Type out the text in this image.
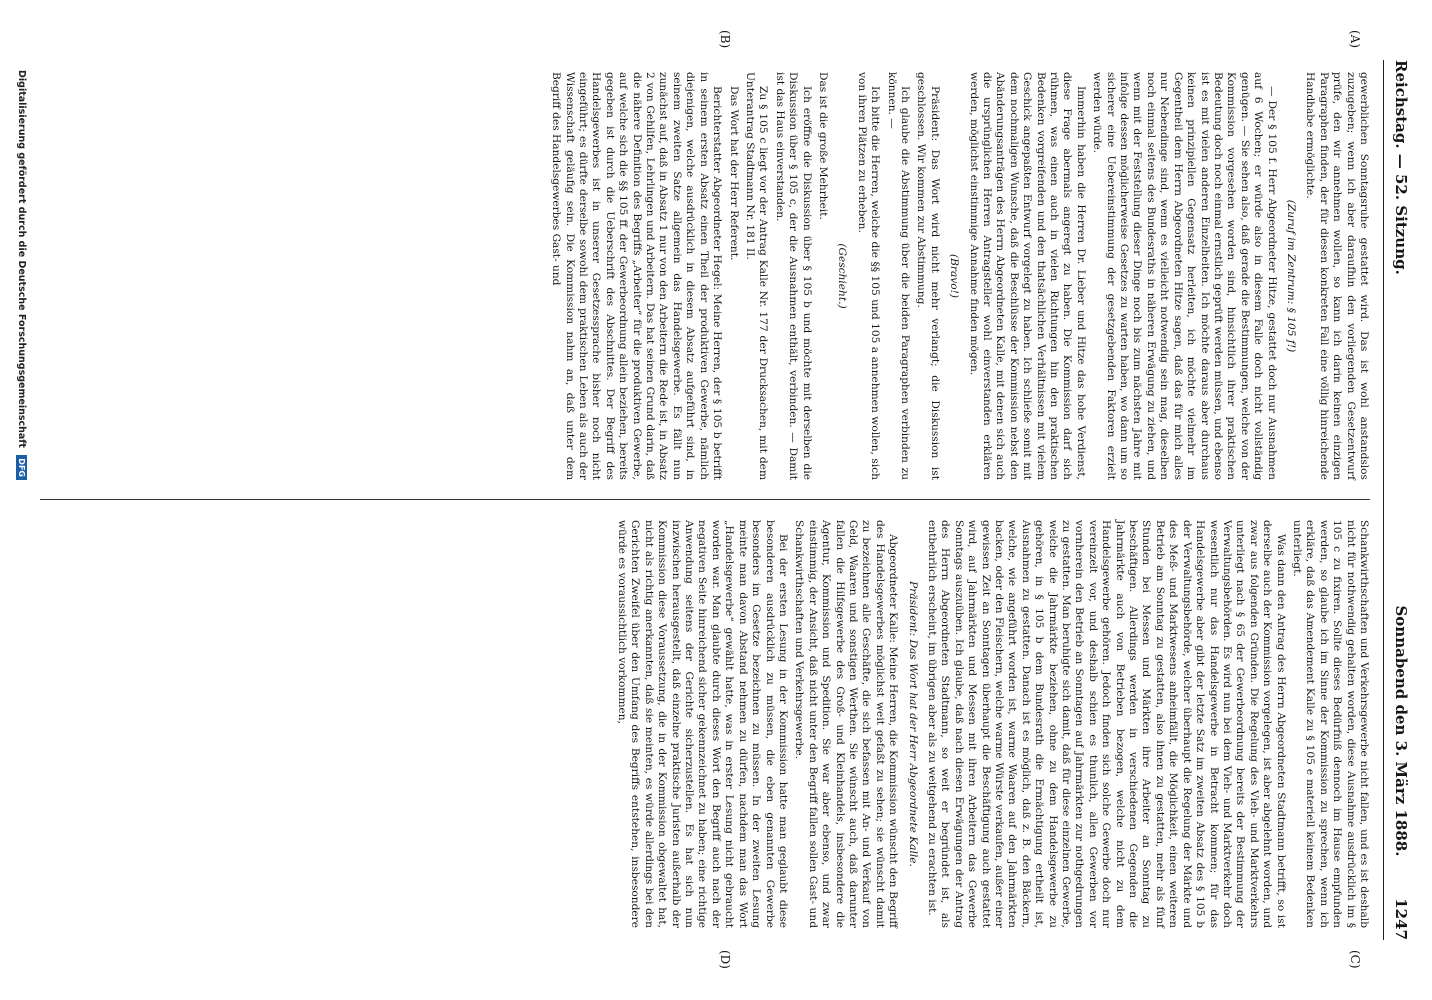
Reichstag. — 52. Sitzung.
Sonnabend den 3. März 1888.        1247
(A)
(B)
(C)
(D)

gewerblichen Sonntagsruhe gestattet wird. Das ist wohl anstandslos zuzugeben; wenn ich aber daraufhin den vorliegenden Gesetzentwurf prüfe, den wir annehmen wollen, so kann ich darin keinen einzigen Paragraphen finden, der für diesen konkreten Fall eine völlig hinreichende Handhabe ermöglichte.

(Zuruf im Zentrum: § 105 f!)

— Der § 105 f. Herr Abgeordneter Hitze, gestattet doch nur Ausnahmen auf 6 Wochen; er würde also in diesem Falle doch nicht vollständig genügen. — Sie sehen also, daß gerade die Bestimmungen, welche von der Kommission vorgesehen worden sind, hinsichtlich ihrer praktischen Bedeutung doch noch einmal ernstlich geprüft werden müssen, und ebenso ist es mit vielen anderen Einzelheiten. Ich möchte daraus aber durchaus keinen prinzipiellen Gegensatz herleiten, ich möchte vielmehr im Gegentheil dem Herrn Abgeordneten Hitze sagen, daß das für mich alles nur Nebendinge sind, wenn es vielleicht notwendig sein mag, dieselben noch einmal seitens des Bundesraths in näheren Erwägung zu ziehen, und wenn mit der Feststellung dieser Dinge noch bis zum nächsten Jahre mit infolge dessen möglicherweise Gesetzes zu warten haben, wo dann um so sicherer eine Uebereinstimmung der gesetzgebenden Faktoren erzielt werden würde.

Immerhin haben die Herren Dr. Lieber und Hitze das hohe Verdienst, diese Frage abermals angeregt zu haben. Die Kommission darf sich rühmen, was einen auch in vielen Richtungen hin den praktischen Bedenken vorgreifenden und den thatsächlichen Verhältnissen mit vielem Geschick angepaßten Entwurf vorgelegt zu haben. Ich schließe somit mit dem nochmaligen Wunsche, daß die Beschlüsse der Kommission nebst den Abänderungsanträgen des Herrn Abgeordneten Kalle, mit denen sich auch die ursprünglichen Herren Antragsteller wohl einverstanden erklären werden, möglichst einstimmige Annahme finden mögen.

(Bravo!)

Präsident: Das Wort wird nicht mehr verlangt; die Diskussion ist geschlossen. Wir kommen zur Abstimmung.

Ich glaube die Abstimmung über die beiden Paragraphen verbinden zu können. —

Ich bitte die Herren, welche die §§ 105 und 105 a annehmen wollen, sich von ihren Plätzen zu erheben.

(Geschieht.)

Das ist die große Mehrheit.

Ich eröffne die Diskussion über § 105 b und möchte mit derselben die Diskussion über § 105 c, der die Ausnahmen enthält, verbinden. — Damit ist das Haus einverstanden.

Zu § 105 c liegt vor der Antrag Kalle Nr. 177 der Drucksachen, mit dem Unterantrag Stadtmann Nr. 181 II.

Das Wort hat der Herr Referent.

Berichterstatter Abgeordneter Hegel: Meine Herren, der § 105 b betrifft in seinem ersten Absatz einen Theil der produktiven Gewerbe, nämlich diejenigen, welche ausdrücklich in diesem Absatz aufgeführt sind, in seinem zweiten Satze allgemein das Handelsgewerbe. Es fällt nun zunächst auf, daß in Absatz 1 nur von den Arbeitern die Rede ist, in Absatz 2 von Gehilfen, Lehrlingen und Arbeitern. Das hat seinen Grund darin, daß die nähere Definition des Begriffs „Arbeiter“ für die produktiven Gewerbe, auf welche sich die §§ 105 ff. der Gewerbeordnung allein beziehen, bereits gegeben ist durch die Ueberschrift des Abschnittes. Der Begriff des Handelsgewerbes ist in unserer Gesetzessprache bisher noch nicht eingeführt; es dürfte derselbe sowohl dem praktischen Leben als auch der Wissenschaft geläufig sein. Die Kommission nahm an, daß unter dem Begriff des Handelsgewerbes Gast- und

Schankwirthschaften und Verkehrsgewerbe nicht fallen, und es ist deshalb nicht für nothwendig gehalten worden, diese Ausnahme ausdrücklich im § 105 c zu fixiren. Sollte dieses Bedürfniß dennoch im Hause empfunden werden, so glaube ich im Sinne der Kommission zu sprechen, wenn ich erkläre, daß das Amendement Kalle zu § 105 e materiell keinem Bedenken unterliegt.

Was dann den Antrag des Herrn Abgeordneten Stadtmann betrifft, so ist derselbe auch der Kommission vorgelegen, ist aber abgelehnt worden, und zwar aus folgenden Gründen. Die Regelung des Vieh- und Marktverkehrs unterliegt nach § 65 der Gewerbeordnung bereits der Bestimmung der Verwaltungsbehörden. Es wird nun bei dem Vieh- und Marktverkehr doch wesentlich nur das Handelsgewerbe in Betracht kommen; für das Handelsgewerbe aber gibt der letzte Satz im zweiten Absatz des § 105 b der Verwaltungsbehörde, welcher überhaupt die Regelung der Märkte und des Meß- und Marktwesens anheimfällt, die Möglichkeit, einen weiteren Betrieb am Sonntag zu gestatten, also ihnen zu gestatten, mehr als fünf Stunden bei Messen und Märkten ihre Arbeiter an Sonntag zu beschäftigen. Allerdings werden in verschiedenen Gegenden die Jahrmärkte auch von Betrieben bezogen, welche nicht zu dem Handelsgewerbe gehören. Jedoch finden sich solche Gewerbe doch nur vereinzelt vor, und deshalb schien es thunlich, allen Gewerben vor vornherein den Betrieb an Sonntagen auf Jahrmärkten zur nothgedrungen zu gestatten. Man beruhigte sich damit, daß für diese einzelnen Gewerbe, welche die Jahrmärkte beziehen, ohne zu dem Handelsgewerbe zu gehören, in § 105 b dem Bundesrath die Ermächtigung ertheilt ist, Ausnahmen zu gestatten. Danach ist es möglich, daß z. B. den Bäckern, welche, wie angeführt worden ist, warme Waaren auf den Jahrmärkten backen, oder den Fleischern, welche warme Würste verkaufen, außer einer gewissen Zeit an Sonntagen überhaupt die Beschäftigung auch gestattet wird, auf Jahrmärkten und Messen mit ihren Arbeitern das Gewerbe Sonntags auszuüben. Ich glaube, daß nach diesen Erwägungen der Antrag des Herrn Abgeordneten Stadtmann, so weit er begründet ist, als entbehrlich erscheint, im übrigen aber als zu weitgehend zu erachten ist.

Präsident: Das Wort hat der Herr Abgeordnete Kalle.

Abgeordneter Kalle: Meine Herren, die Kommission wünscht den Begriff des Handelsgewerbes möglichst weit gefaßt zu sehen; sie wünscht damit zu bezeichnen alle Geschäfte, die sich befassen mit An- und Verkauf von Geld, Waaren und sonstigen Werthen. Sie wünscht auch, daß darunter fallen die Hilfsgewerbe des Groß- und Kleinhandels, insbesondere die Agentur, Kommission und Spedition. Sie war aber ebenso, und zwar einstimmig, der Ansicht, daß nicht unter den Begriff fallen sollen Gast- und Schankwirthschaften und Verkehrsgewerbe.

Bei der ersten Lesung in der Kommission hatte man geglaubt diese besonderen ausdrücklich zu müssen, die eben genannten Gewerbe besonders im Gesetze bezeichnen zu müssen. In der zweiten Lesung meinte man davon Abstand nehmen zu dürfen, nachdem man das Wort „Handelsgewerbe“ gewählt hatte, was in erster Lesung nicht gebraucht worden war. Man glaubte durch dieses Wort den Begriff auch nach der negativen Seite hinreichend sicher gekennzeichnet zu haben; eine richtige Anwendung seitens der Gerichte sicherzustellen. Es hat sich nun inzwischen herausgestellt, daß einzelne praktische Juristen außerhalb der Kommission diese Voraussetzung, die in der Kommission obgewaltet hat, nicht als richtig anerkannten, daß sie meinten, es würde allerdings bei den Gerichten Zweifel über den Umfang des Begriffs entstehen, insbesondere würde es voraussichtlich vorkommen,

Digitalisierung gefördert durch die Deutsche Forschungsgemeinschaft DFG
